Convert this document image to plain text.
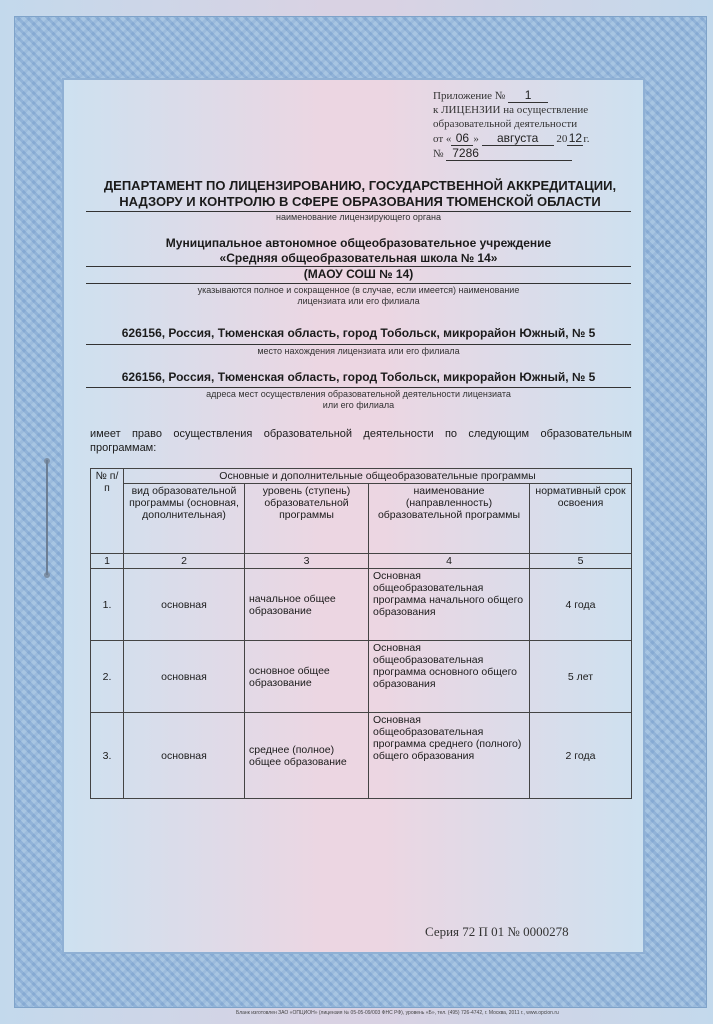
Приложение № 1
к ЛИЦЕНЗИИ на осуществление
образовательной деятельности
от « 06 » августа 2012г.
№ 7286
ДЕПАРТАМЕНТ ПО ЛИЦЕНЗИРОВАНИЮ, ГОСУДАРСТВЕННОЙ АККРЕДИТАЦИИ,
НАДЗОРУ И КОНТРОЛЮ В СФЕРЕ ОБРАЗОВАНИЯ ТЮМЕНСКОЙ ОБЛАСТИ
наименование лицензирующего органа
Муниципальное автономное общеобразовательное учреждение
«Средняя общеобразовательная школа № 14»
(МАОУ СОШ № 14)
указываются полное и сокращенное (в случае, если имеется) наименование
лицензиата или его филиала
626156, Россия, Тюменская область, город Тобольск, микрорайон Южный, № 5
место нахождения лицензиата или его филиала
626156, Россия, Тюменская область, город Тобольск, микрорайон Южный, № 5
адреса мест осуществления образовательной деятельности лицензиата
или его филиала
имеет право осуществления образовательной деятельности по следующим образовательным программам:
№ п/п	Основные и дополнительные общеобразовательные программы			
	вид образовательной программы (основная, дополнительная)	уровень (ступень) образовательной программы	наименование (направленность) образовательной программы	нормативный срок освоения
1	2	3	4	5
1.	основная	начальное общее образование	Основная общеобразовательная программа начального общего образования	4 года
2.	основная	основное общее образование	Основная общеобразовательная программа основного общего образования	5 лет
3.	основная	среднее (полное) общее образование	Основная общеобразовательная программа среднего (полного) общего образования	2 года
Серия 72 П 01 № 0000278
Бланк изготовлен ЗАО «ОПЦИОН» (лицензия № 05-05-09/003 ФНС РФ), уровень «Б», тел. (495) 726-4742, г. Москва, 2011 г., www.opcion.ru
